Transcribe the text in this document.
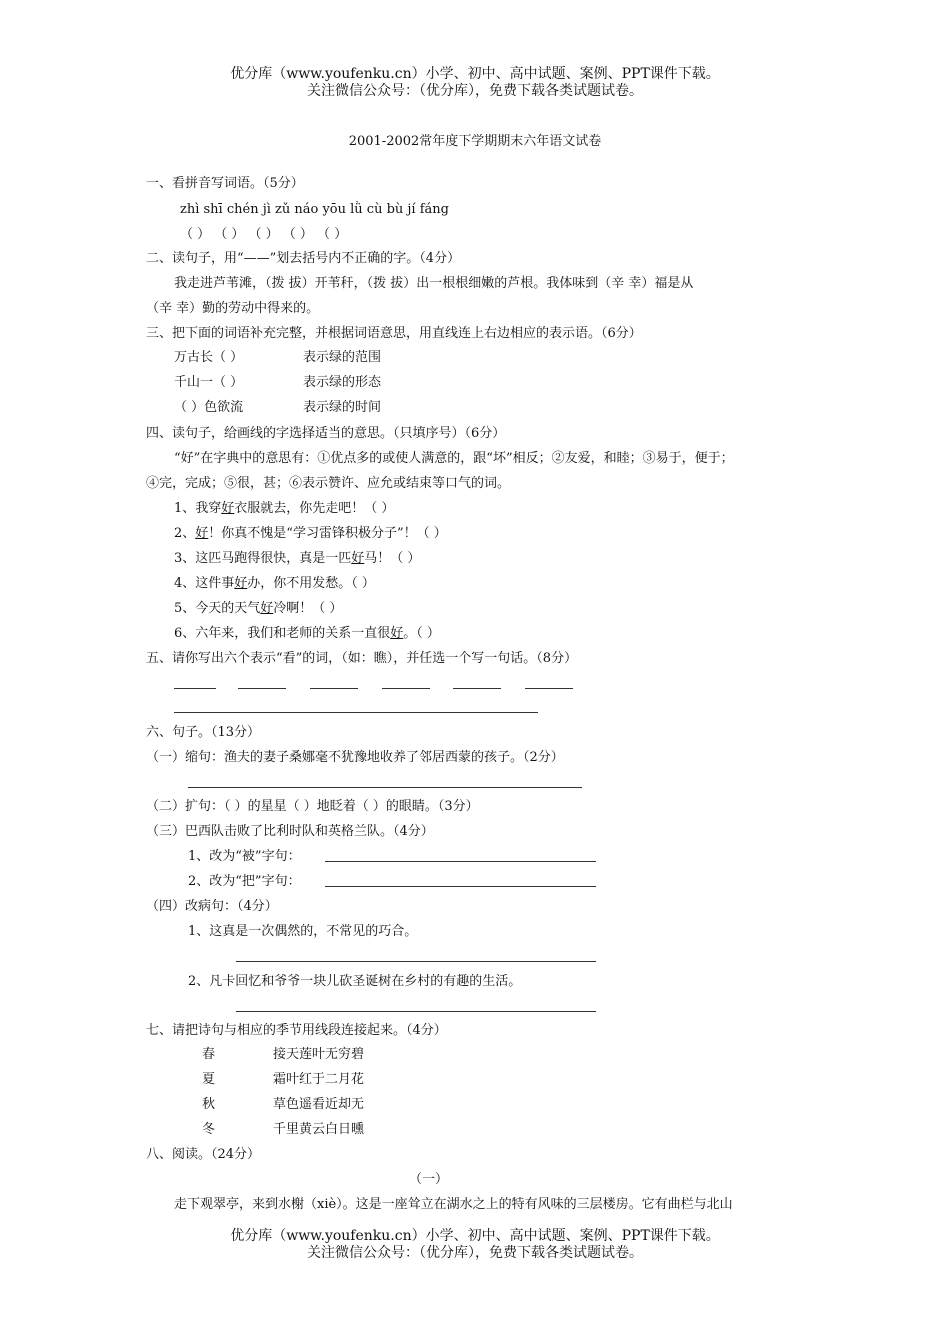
优分库（www.youfenku.cn）小学、初中、高中试题、案例、PPT课件下载。
关注微信公众号：（优分库），免费下载各类试题试卷。
2001-2002常年度下学期期末六年语文试卷
一、看拼音写词语。（5分）
zhì shī chén jì zǔ náo yōu lǜ cù bù jí fáng
（ ） （ ） （ ） （ ） （ ）
二、读句子，用“——”划去括号内不正确的字。（4分）
我走进芦苇滩，（拨 拔）开苇秆，（拨 拔）出一根根细嫩的芦根。我体味到（辛 幸）福是从
（辛 幸）勤的劳动中得来的。
三、把下面的词语补充完整，并根据词语意思，用直线连上右边相应的表示语。（6分）
万古长（ ）
千山一（ ）
（ ）色欲流
表示绿的范围
表示绿的形态
表示绿的时间
四、读句子，给画线的字选择适当的意思。（只填序号）（6分）
“好”在字典中的意思有：①优点多的或使人满意的，跟“坏”相反；②友爱，和睦；③易于，便于；
④完，完成；⑤很，甚；⑥表示赞许、应允或结束等口气的词。
1、我穿好衣服就去，你先走吧！（ ）
2、好！你真不愧是“学习雷锋积极分子”！（ ）
3、这匹马跑得很快，真是一匹好马！（ ）
4、这件事好办，你不用发愁。（ ）
5、今天的天气好冷啊！（ ）
6、六年来，我们和老师的关系一直很好。（ ）
五、请你写出六个表示“看”的词，（如：瞧），并任选一个写一句话。（8分）
六、句子。（13分）
（一）缩句：渔夫的妻子桑娜毫不犹豫地收养了邻居西蒙的孩子。（2分）
（二）扩句：（ ）的星星（ ）地眨着（ ）的眼睛。（3分）
（三）巴西队击败了比利时队和英格兰队。（4分）
1、改为“被”字句：
2、改为“把”字句：
（四）改病句：（4分）
1、这真是一次偶然的，不常见的巧合。
2、凡卡回忆和爷爷一块儿砍圣诞树在乡村的有趣的生活。
七、请把诗句与相应的季节用线段连接起来。（4分）
春
夏
秋
冬
接天莲叶无穷碧
霜叶红于二月花
草色遥看近却无
千里黄云白日曛
八、阅读。（24分）
（一）
走下观翠亭，来到水榭（xiè）。这是一座耸立在湖水之上的特有风味的三层楼房。它有曲栏与北山
优分库（www.youfenku.cn）小学、初中、高中试题、案例、PPT课件下载。
关注微信公众号：（优分库），免费下载各类试题试卷。
